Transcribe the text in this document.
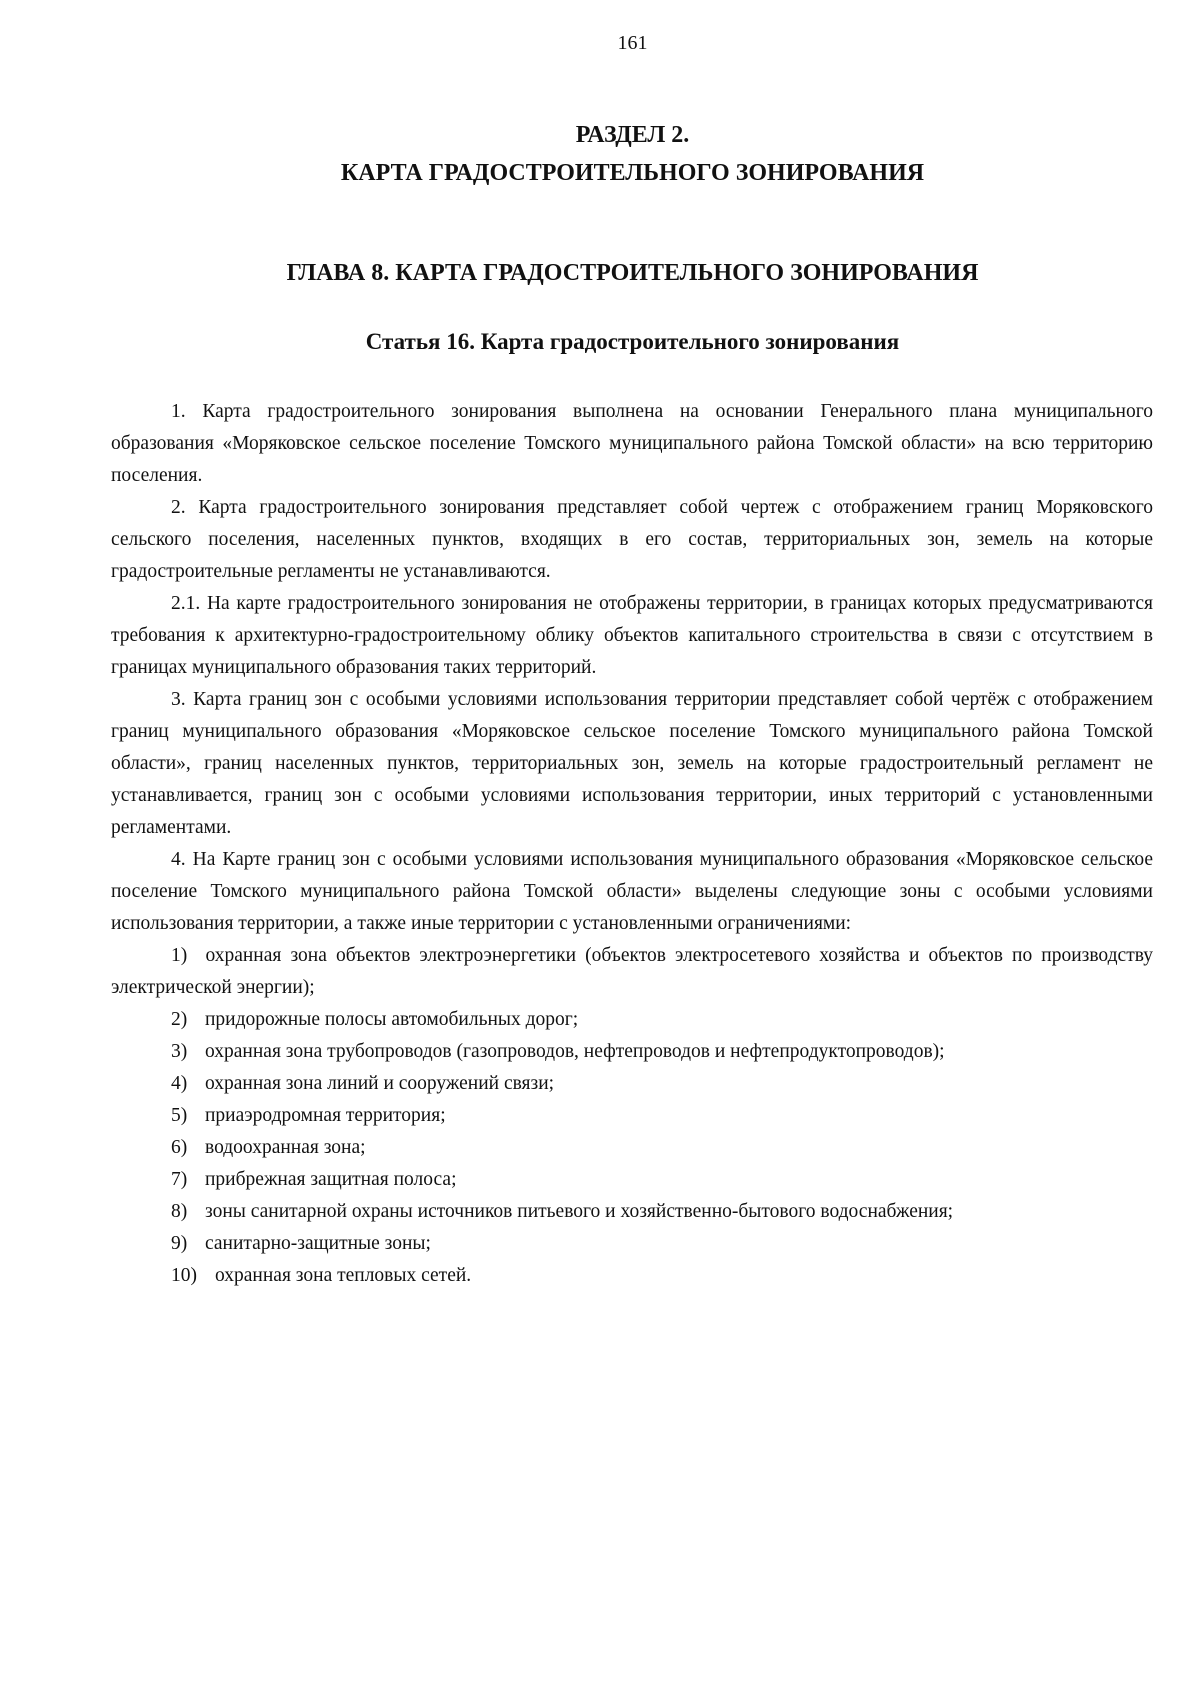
161
РАЗДЕЛ 2.
КАРТА ГРАДОСТРОИТЕЛЬНОГО ЗОНИРОВАНИЯ
ГЛАВА 8. КАРТА ГРАДОСТРОИТЕЛЬНОГО ЗОНИРОВАНИЯ
Статья 16. Карта градостроительного зонирования

1. Карта градостроительного зонирования выполнена на основании Генерального плана муниципального образования «Моряковское сельское поселение Томского муниципального района Томской области» на всю территорию поселения.

2. Карта градостроительного зонирования представляет собой чертеж с отображением границ Моряковского сельского поселения, населенных пунктов, входящих в его состав, территориальных зон, земель на которые градостроительные регламенты не устанавливаются.

2.1. На карте градостроительного зонирования не отображены территории, в границах которых предусматриваются требования к архитектурно-градостроительному облику объектов капитального строительства в связи с отсутствием в границах муниципального образования таких территорий.

3. Карта границ зон с особыми условиями использования территории представляет собой чертёж с отображением границ муниципального образования «Моряковское сельское поселение Томского муниципального района Томской области», границ населенных пунктов, территориальных зон, земель на которые градостроительный регламент не устанавливается, границ зон с особыми условиями использования территории, иных территорий с установленными регламентами.

4. На Карте границ зон с особыми условиями использования муниципального образования «Моряковское сельское поселение Томского муниципального района Томской области» выделены следующие зоны с особыми условиями использования территории, а также иные территории с установленными ограничениями:

1) охранная зона объектов электроэнергетики (объектов электросетевого хозяйства и объектов по производству электрической энергии);

2) придорожные полосы автомобильных дорог;
3) охранная зона трубопроводов (газопроводов, нефтепроводов и нефтепродуктопроводов);
4) охранная зона линий и сооружений связи;
5) приаэродромная территория;
6) водоохранная зона;
7) прибрежная защитная полоса;
8) зоны санитарной охраны источников питьевого и хозяйственно-бытового водоснабжения;
9) санитарно-защитные зоны;
10) охранная зона тепловых сетей.
